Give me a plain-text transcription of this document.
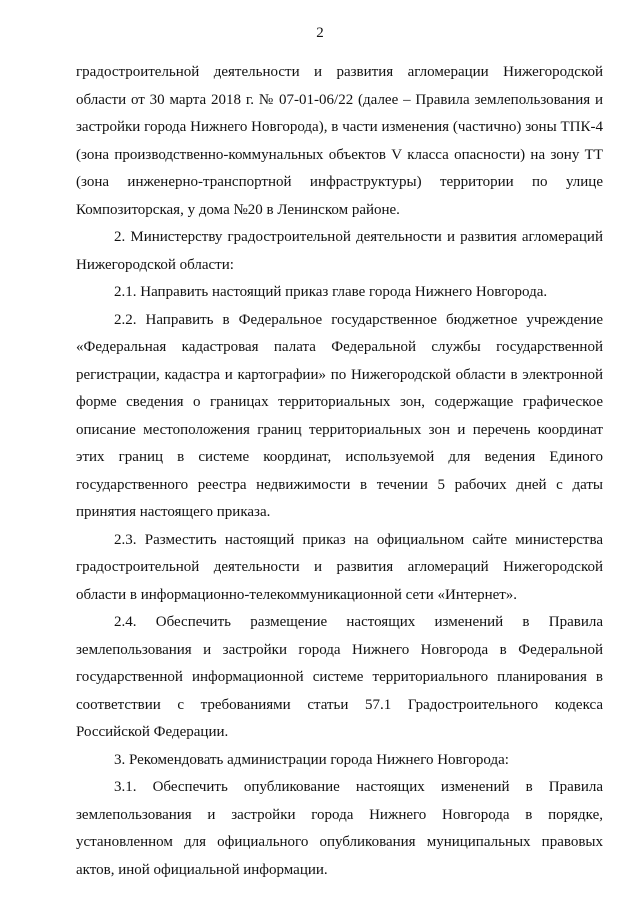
2

градостроительной деятельности и развития агломерации Нижегородской области от 30 марта 2018 г. № 07-01-06/22 (далее – Правила землепользования и застройки города Нижнего Новгорода), в части изменения (частично) зоны ТПК-4 (зона производственно-коммунальных объектов V класса опасности) на зону ТТ (зона инженерно-транспортной инфраструктуры) территории по улице Композиторская, у дома №20 в Ленинском районе.

2. Министерству градостроительной деятельности и развития агломераций Нижегородской области:

2.1. Направить настоящий приказ главе города Нижнего Новгорода.

2.2. Направить в Федеральное государственное бюджетное учреждение «Федеральная кадастровая палата Федеральной службы государственной регистрации, кадастра и картографии» по Нижегородской области в электронной форме сведения о границах территориальных зон, содержащие графическое описание местоположения границ территориальных зон и перечень координат этих границ в системе координат, используемой для ведения Единого государственного реестра недвижимости в течении 5 рабочих дней с даты принятия настоящего приказа.

2.3. Разместить настоящий приказ на официальном сайте министерства градостроительной деятельности и развития агломераций Нижегородской области в информационно-телекоммуникационной сети «Интернет».

2.4. Обеспечить размещение настоящих изменений в Правила землепользования и застройки города Нижнего Новгорода в Федеральной государственной информационной системе территориального планирования в соответствии с требованиями статьи 57.1 Градостроительного кодекса Российской Федерации.

3. Рекомендовать администрации города Нижнего Новгорода:

3.1. Обеспечить опубликование настоящих изменений в Правила землепользования и застройки города Нижнего Новгорода в порядке, установленном для официального опубликования муниципальных правовых актов, иной официальной информации.
